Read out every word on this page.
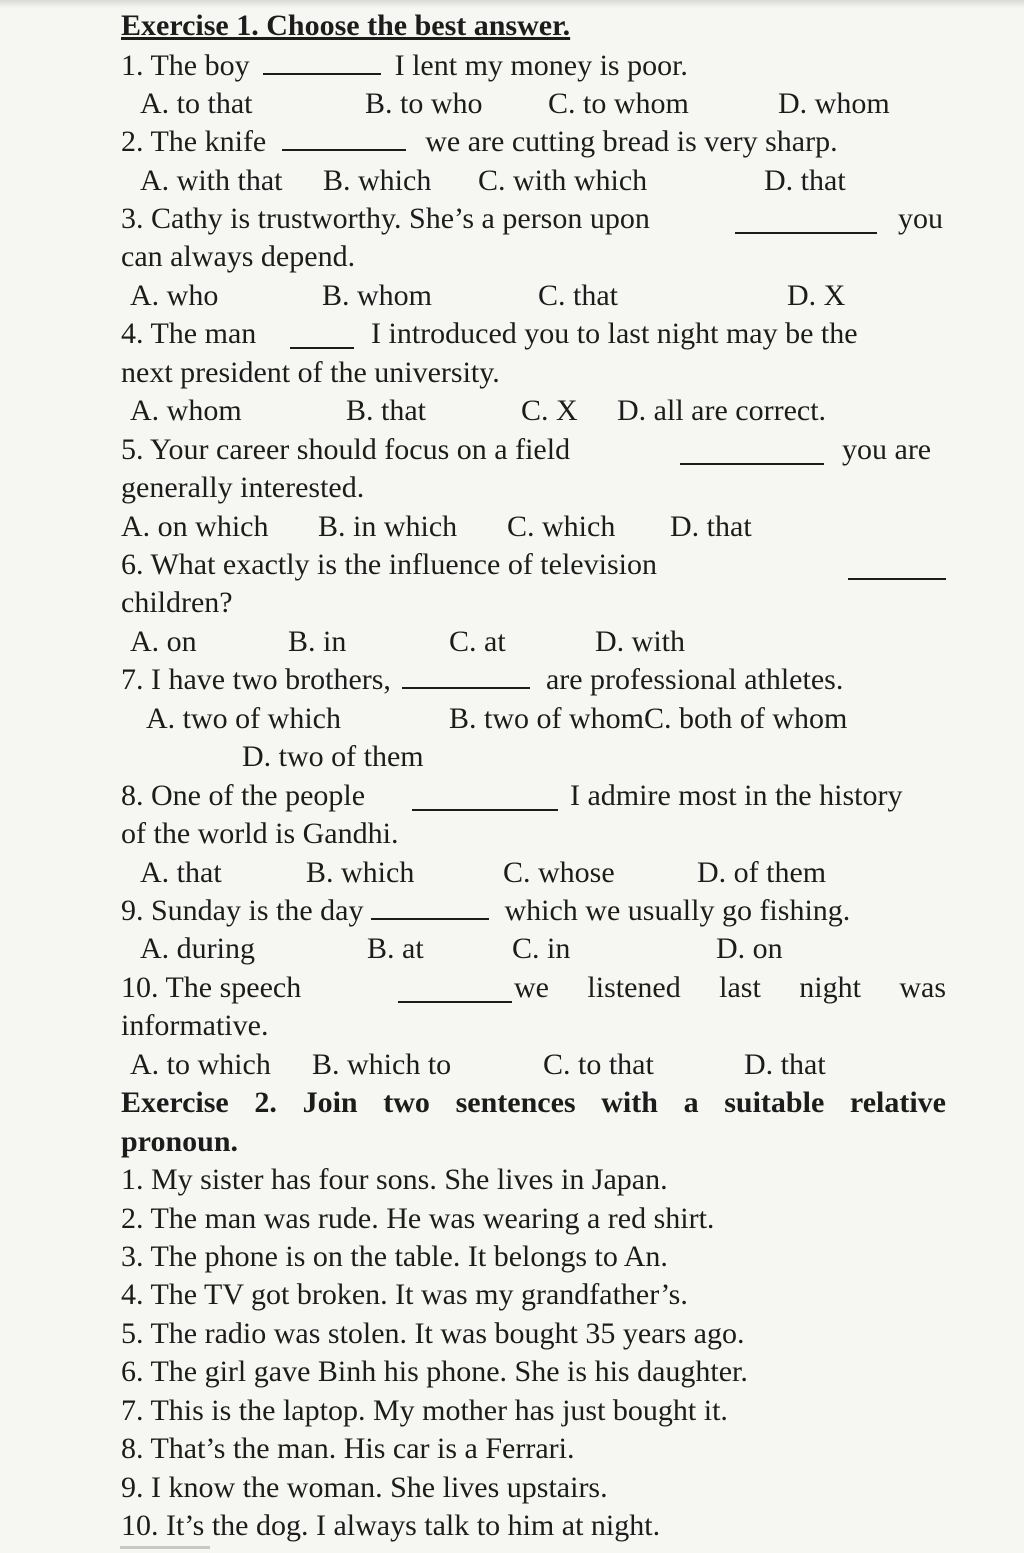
Exercise 1. Choose the best answer.
1. The boy	I lent my money is poor.
A. to that	B. to who C. to whom	D. whom
2. The knife	we are cutting bread is very sharp.
A. with that B. which C. with which	D. that
3. Cathy is trustworthy. She’s a person upon	you
can always depend.
A. who	B. whom	C. that	D. X
4. The man	I introduced you to last night may be the
next president of the university.
A. whom	B. that	C. X D. all are correct.
5. Your career should focus on a field	you are
generally interested.
A. on which B. in which C. which D. that
6. What exactly is the influence of television
children?
A. on	B. in	C. at	D. with
7. I have two brothers,	are professional athletes.
A. two of which	B. two of whomC. both of whom
D. two of them
8. One of the people	I admire most in the history
of the world is Gandhi.
A. that	B. which	C. whose	D. of them
9. Sunday is the day	which we usually go fishing.
A. during	B. at	C. in	D. on
10. The speech	we listened last night was
informative.
A. to which B. which to	C. to that	D. that
Exercise 2. Join two sentences with a suitable relative
pronoun.
1. My sister has four sons. She lives in Japan.
2. The man was rude. He was wearing a red shirt.
3. The phone is on the table. It belongs to An.
4. The TV got broken. It was my grandfather’s.
5. The radio was stolen. It was bought 35 years ago.
6. The girl gave Binh his phone. She is his daughter.
7. This is the laptop. My mother has just bought it.
8. That’s the man. His car is a Ferrari.
9. I know the woman. She lives upstairs.
10. It’s the dog. I always talk to him at night.
